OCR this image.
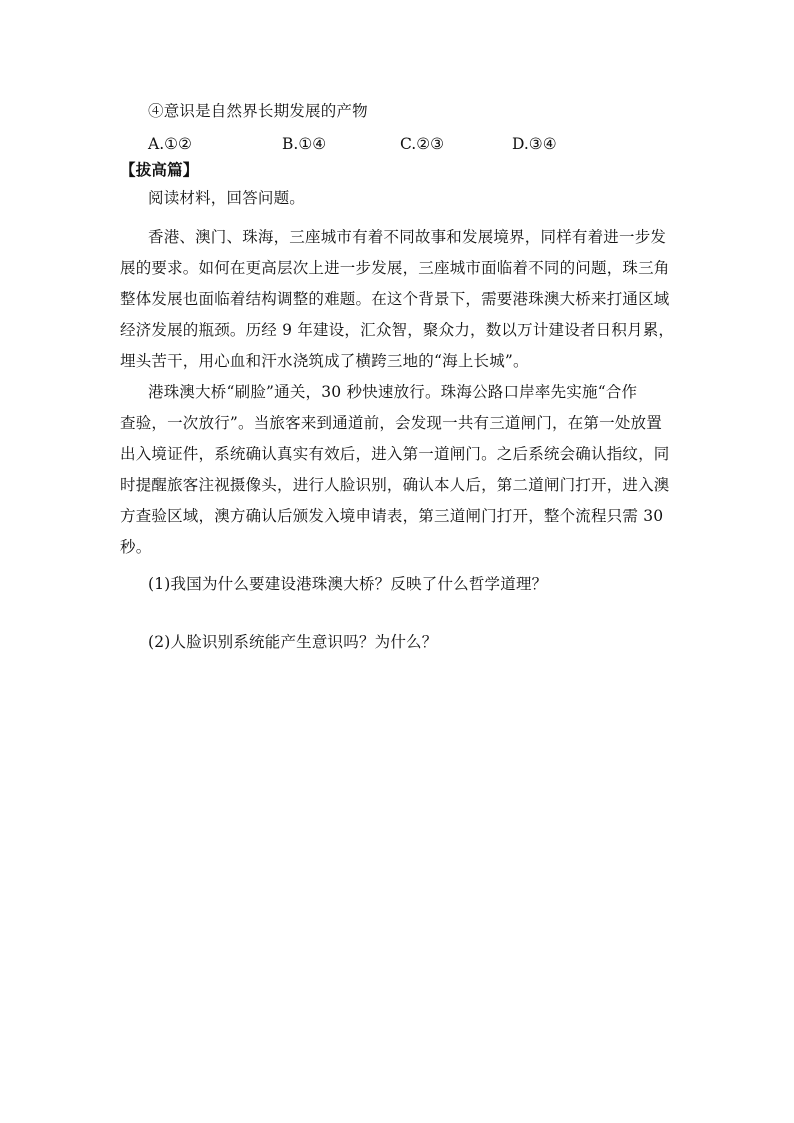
④意识是自然界长期发展的产物
A.①②	B.①④	C.②③	D.③④
【拔高篇】
阅读材料，回答问题。
香港、澳门、珠海，三座城市有着不同故事和发展境界，同样有着进一步发
展的要求。如何在更高层次上进一步发展，三座城市面临着不同的问题，珠三角
整体发展也面临着结构调整的难题。在这个背景下，需要港珠澳大桥来打通区域
经济发展的瓶颈。历经 9 年建设，汇众智，聚众力，数以万计建设者日积月累，
埋头苦干，用心血和汗水浇筑成了横跨三地的“海上长城”。
港珠澳大桥“刷脸”通关，30 秒快速放行。珠海公路口岸率先实施“合作
查验，一次放行”。当旅客来到通道前，会发现一共有三道闸门，在第一处放置
出入境证件，系统确认真实有效后，进入第一道闸门。之后系统会确认指纹，同
时提醒旅客注视摄像头，进行人脸识别，确认本人后，第二道闸门打开，进入澳
方查验区域，澳方确认后颁发入境申请表，第三道闸门打开，整个流程只需 30
秒。
(1)我国为什么要建设港珠澳大桥？反映了什么哲学道理？
(2)人脸识别系统能产生意识吗？为什么？
